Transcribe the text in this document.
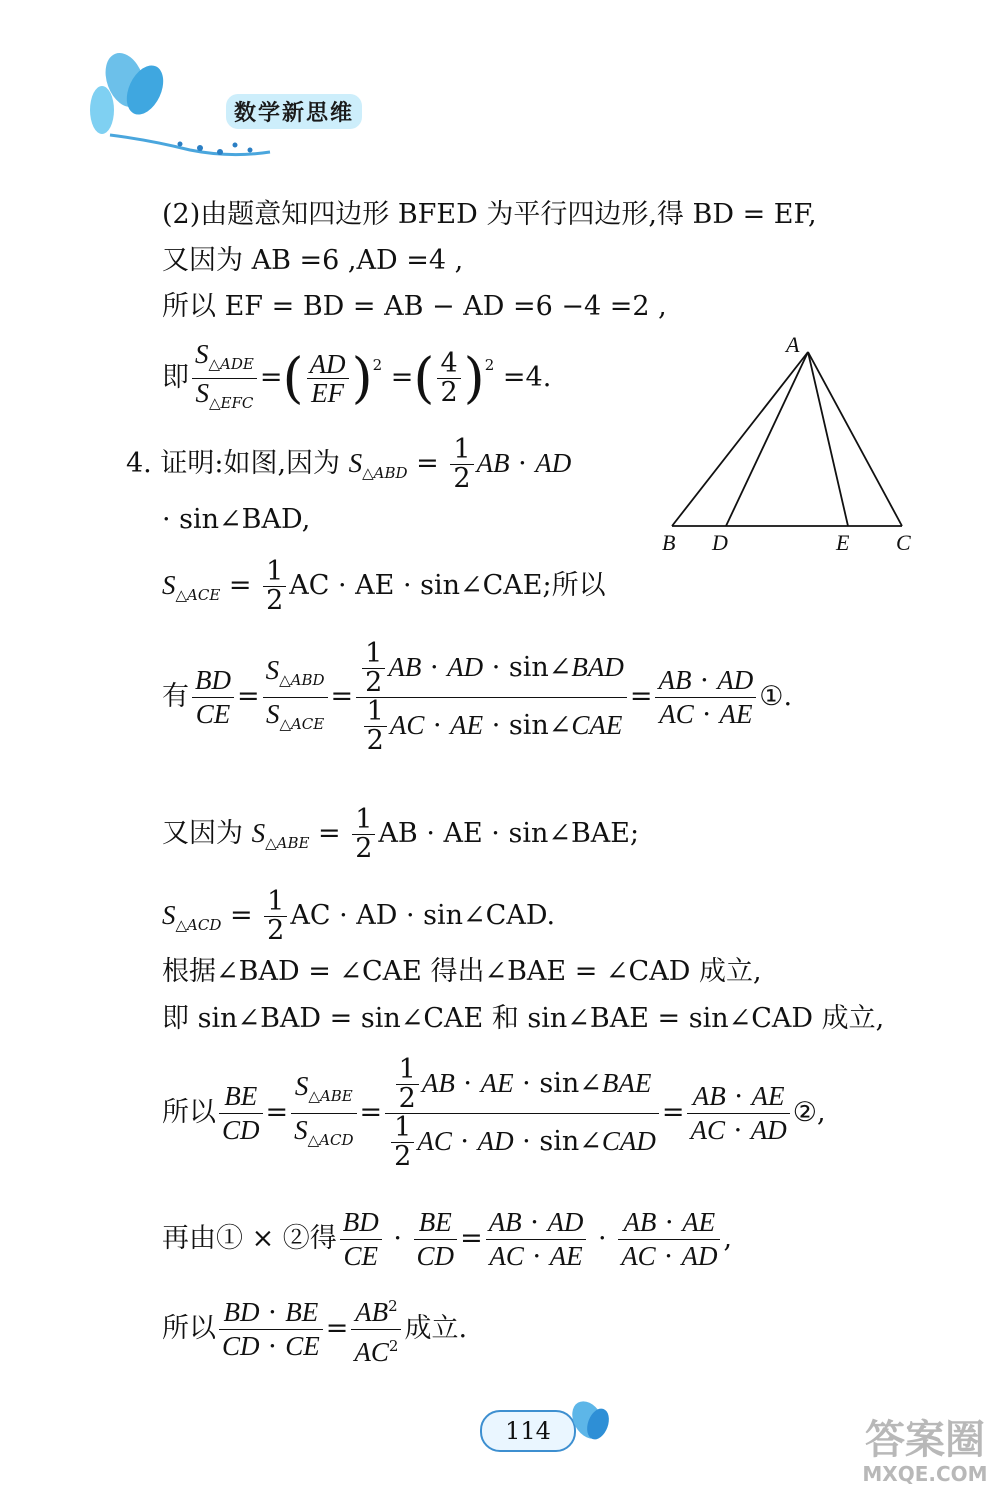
数学新思维
(2)由题意知四边形 BFED 为平行四边形,得 BD = EF,
又因为 AB =6 ,AD =4 ,
所以 EF = BD = AB − AD =6 −4 =2 ,
即 $\frac{S_{\triangle ADE}}{S_{\triangle EFC}}$ =( $\frac{AD}{EF} )^2$ =( $\frac{4}{2} )^2 =4$.
4. 证明:如图,因为 $S_{\triangle ABD} = \frac{1}{2}$ AB · AD
· sin∠BAD,
$S_{\triangle ACE} = \frac{1}{2}$ AC · AE · sin∠CAE;所以
有 $\frac{BD}{CE} = \frac{S_{\triangle ABD}}{S_{\triangle ACE}} = \frac{\frac{1}{2} AB \cdot AD \cdot \sin\angle BAD}{\frac{1}{2} AC \cdot AE \cdot \sin\angle CAE} = \frac{AB \cdot AD}{AC \cdot AE}$ ①.
又因为 $S_{\triangle ABE} = \frac{1}{2}$ AB · AE · sin∠BAE;
$S_{\triangle ACD} = \frac{1}{2}$ AC · AD · sin∠CAD.
根据∠BAD = ∠CAE 得出∠BAE = ∠CAD 成立,
即 sin∠BAD = sin∠CAE 和 sin∠BAE = sin∠CAD 成立,
所以 $\frac{BE}{CD} = \frac{S_{\triangle ABE}}{S_{\triangle ACD}} = \frac{\frac{1}{2} AB \cdot AE \cdot \sin\angle BAE}{\frac{1}{2} AC \cdot AD \cdot \sin\angle CAD} = \frac{AB \cdot AE}{AC \cdot AD}$ ②,
再由① × ②得 $\frac{BD}{CE} \cdot \frac{BE}{CD} = \frac{AB \cdot AD}{AC \cdot AE} \cdot \frac{AB \cdot AE}{AC \cdot AD}$ ,
所以 $\frac{BD \cdot BE}{CD \cdot CE} = \frac{AB^2}{AC^2}$ 成立.
A
B D	E C
114	答案圈
MXQE.COM
